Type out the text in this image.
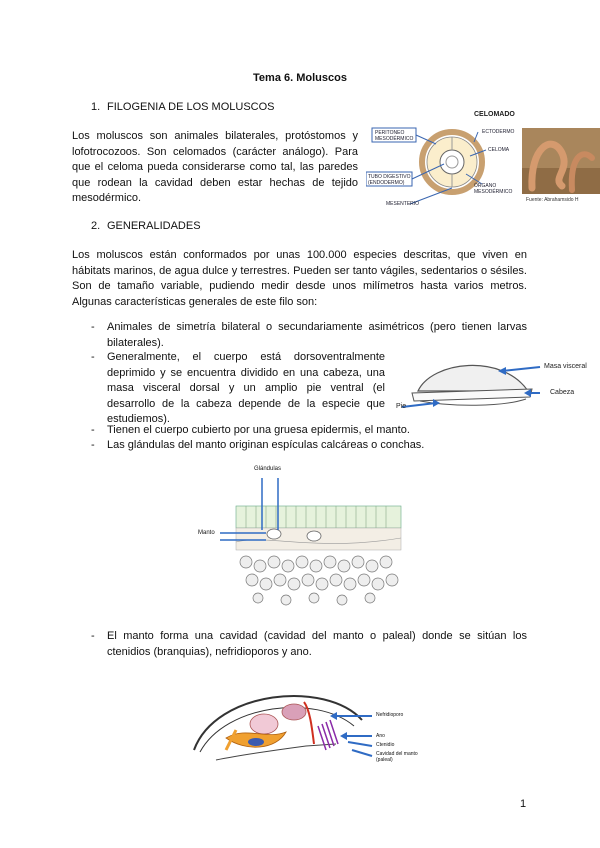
Tema 6. Moluscos
1. FILOGENIA DE LOS MOLUSCOS
Los moluscos son animales bilaterales, protóstomos y lofotrocozoos. Son celomados (carácter análogo). Para que el celoma pueda considerarse como tal, las paredes que rodean la cavidad deben estar hechas de tejido mesodérmico.
CELOMADO
PERITONEO MESODÉRMICO
ECTODERMO
CELOMA
TUBO DIGESTIVO (ENDODERMO)	ÓRGANO MESODÉRMICO
MESENTERIO
Fuente: Abrahamsido H
2. GENERALIDADES
Los moluscos están conformados por unas 100.000 especies descritas, que viven en hábitats marinos, de agua dulce y terrestres. Pueden ser tanto vágiles, sedentarios o sésiles. Son de tamaño variable, pudiendo medir desde unos milímetros hasta varios metros. Algunas características generales de este filo son:
- Animales de simetría bilateral o secundariamente asimétricos (pero tienen larvas bilaterales).
- Generalmente, el cuerpo está dorsoventralmente deprimido y se encuentra dividido en una cabeza, una masa visceral dorsal y un amplio pie ventral (el desarrollo de la cabeza depende de la especie que estudiemos).
- Tienen el cuerpo cubierto por una gruesa epidermis, el manto.
- Las glándulas del manto originan espículas calcáreas o conchas.
Masa visceral
Cabeza
Pie
Glándulas
Manto
- El manto forma una cavidad (cavidad del manto o paleal) donde se sitúan los ctenidios (branquias), nefridioporos y ano.
Nefridioporo
Ano
Ctenidio
Cavidad del manto (paleal)
1
